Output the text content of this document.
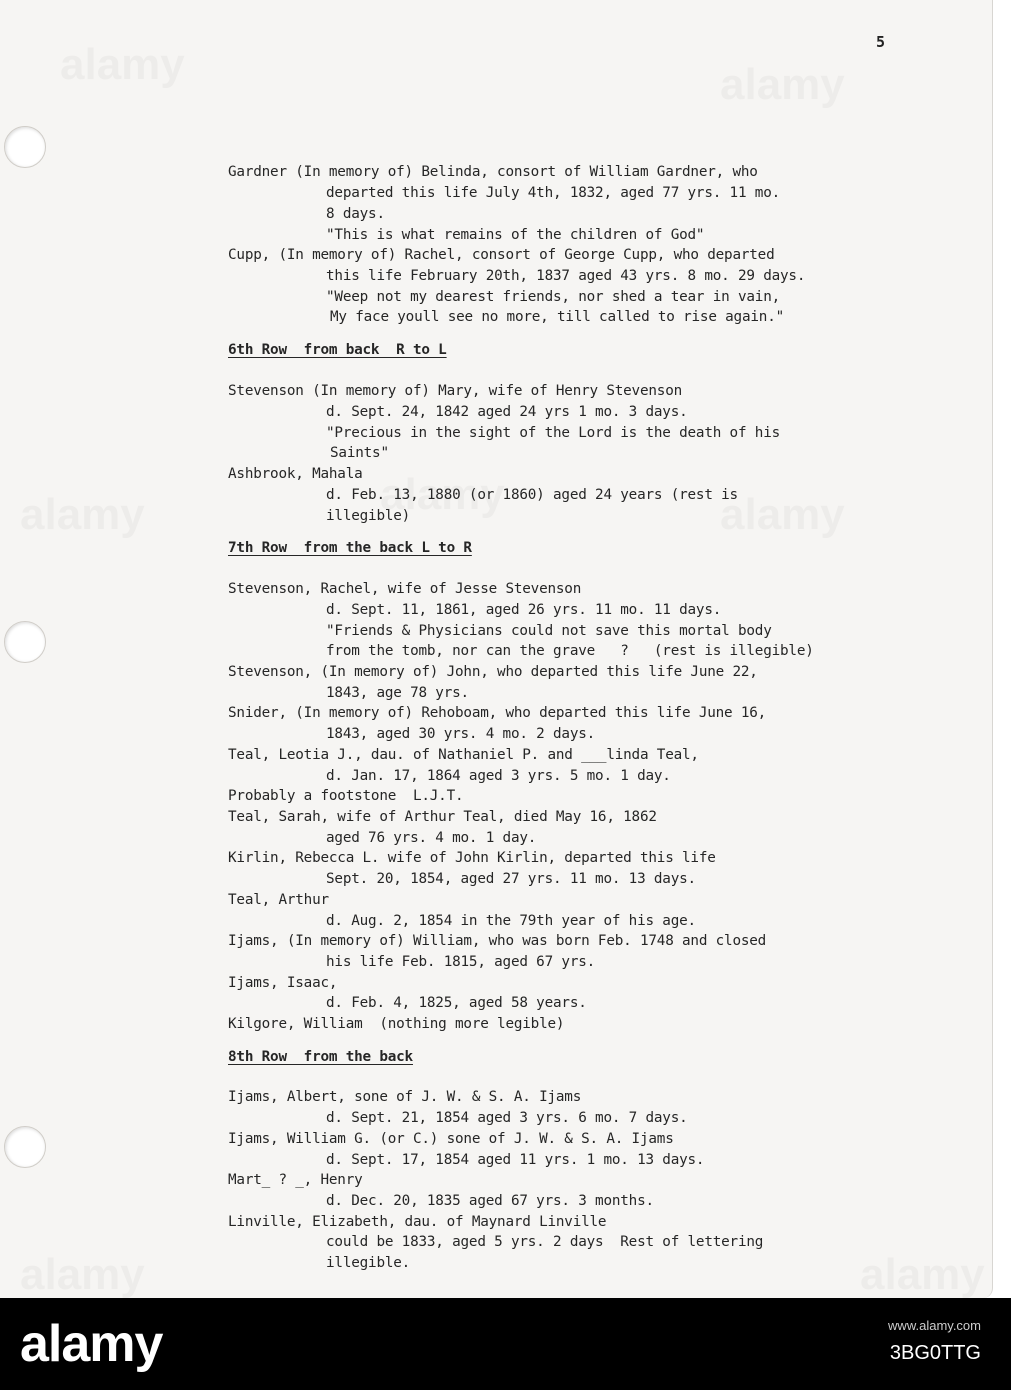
5

Gardner (In memory of) Belinda, consort of William Gardner, who

departed this life July 4th, 1832, aged 77 yrs. 11 mo.

8 days.

"This is what remains of the children of God"

Cupp, (In memory of) Rachel, consort of George Cupp, who departed

this life February 20th, 1837 aged 43 yrs. 8 mo. 29 days.

"Weep not my dearest friends, nor shed a tear in vain,

My face youll see no more, till called to rise again."

6th Row  from back  R to L

Stevenson (In memory of) Mary, wife of Henry Stevenson

d. Sept. 24, 1842 aged 24 yrs 1 mo. 3 days.

"Precious in the sight of the Lord is the death of his

Saints"

Ashbrook, Mahala

d. Feb. 13, 1880 (or 1860) aged 24 years (rest is

illegible)

7th Row  from the back L to R

Stevenson, Rachel, wife of Jesse Stevenson

d. Sept. 11, 1861, aged 26 yrs. 11 mo. 11 days.

"Friends & Physicians could not save this mortal body

from the tomb, nor can the grave   ?   (rest is illegible)

Stevenson, (In memory of) John, who departed this life June 22,

1843, age 78 yrs.

Snider, (In memory of) Rehoboam, who departed this life June 16,

1843, aged 30 yrs. 4 mo. 2 days.

Teal, Leotia J., dau. of Nathaniel P. and ___linda Teal,

d. Jan. 17, 1864 aged 3 yrs. 5 mo. 1 day.

Probably a footstone  L.J.T.

Teal, Sarah, wife of Arthur Teal, died May 16, 1862

aged 76 yrs. 4 mo. 1 day.

Kirlin, Rebecca L. wife of John Kirlin, departed this life

Sept. 20, 1854, aged 27 yrs. 11 mo. 13 days.

Teal, Arthur

d. Aug. 2, 1854 in the 79th year of his age.

Ijams, (In memory of) William, who was born Feb. 1748 and closed

his life Feb. 1815, aged 67 yrs.

Ijams, Isaac,

d. Feb. 4, 1825, aged 58 years.

Kilgore, William  (nothing more legible)

8th Row  from the back

Ijams, Albert, sone of J. W. & S. A. Ijams

d. Sept. 21, 1854 aged 3 yrs. 6 mo. 7 days.

Ijams, William G. (or C.) sone of J. W. & S. A. Ijams

d. Sept. 17, 1854 aged 11 yrs. 1 mo. 13 days.

Mart_ ? _, Henry

d. Dec. 20, 1835 aged 67 yrs. 3 months.

Linville, Elizabeth, dau. of Maynard Linville

could be 1833, aged 5 yrs. 2 days  Rest of lettering

illegible.

alamy	www.alamy.com
3BG0TTG
